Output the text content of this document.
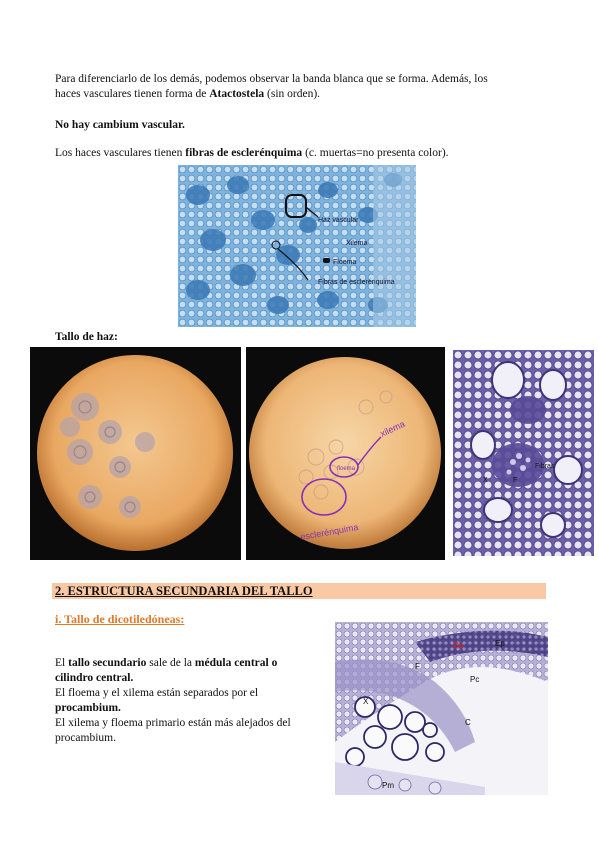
Para diferenciarlo de los demás, podemos observar la banda blanca que se forma. Además, los
haces vasculares tienen forma de Atactostela (sin orden).
No hay cambium vascular.
Los haces vasculares tienen fibras de esclerénquima (c. muertas=no presenta color).
Haz vascular
Xilema
Floema
Fibras de esclerénquima
Tallo de haz:
floema
xilema
esclerénquima
Fibras
X	F
2. ESTRUCTURA SECUNDARIA DEL TALLO
i. Tallo de dicotiledóneas:
El tallo secundario sale de la médula central o
cilindro central.
El floema y el xilema están separados por el
procambium.
El xilema y floema primario están más alejados del
procambium.
Co	Ep
Pc
F
X
C
Pm
